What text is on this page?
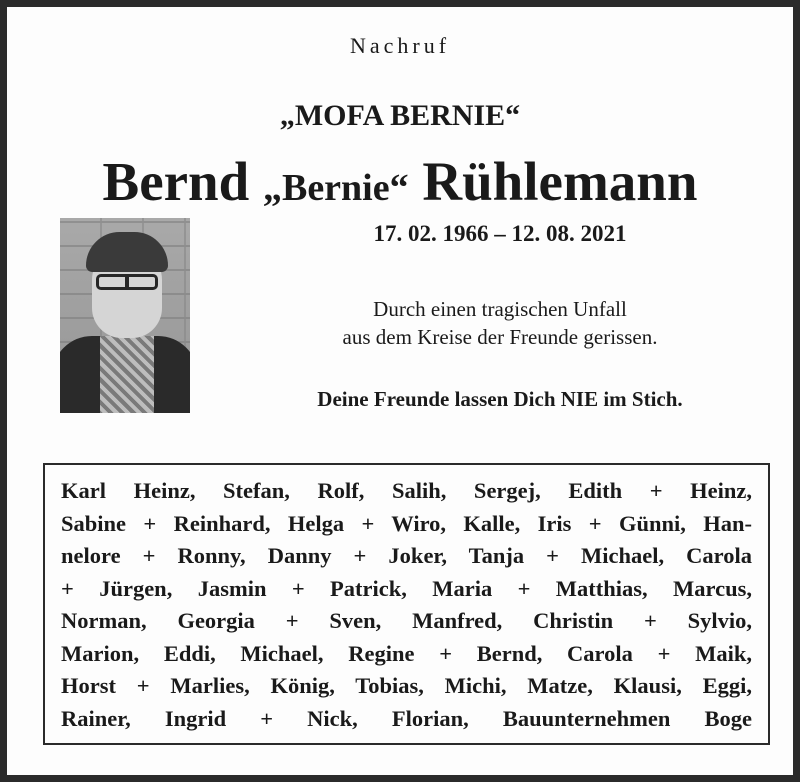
Nachruf
„MOFA BERNIE“
Bernd „Bernie“ Rühlemann
17. 02. 1966 – 12. 08. 2021
Durch einen tragischen Unfall
aus dem Kreise der Freunde gerissen.
Deine Freunde lassen Dich NIE im Stich.
Karl Heinz, Stefan, Rolf, Salih, Sergej, Edith + Heinz,
Sabine + Reinhard, Helga + Wiro, Kalle, Iris + Günni, Han-
nelore + Ronny, Danny + Joker, Tanja + Michael, Carola
+ Jürgen, Jasmin + Patrick, Maria + Matthias, Marcus,
Norman, Georgia + Sven, Manfred, Christin + Sylvio,
Marion, Eddi, Michael, Regine + Bernd, Carola + Maik,
Horst + Marlies, König, Tobias, Michi, Matze, Klausi, Eggi,
Rainer, Ingrid + Nick, Florian, Bauunternehmen Boge
